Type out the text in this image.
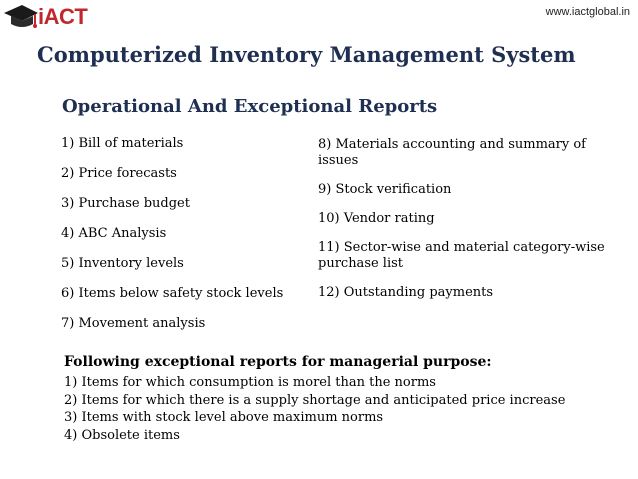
iACT	www.iactglobal.in
Computerized Inventory Management System
Operational And Exceptional Reports
1) Bill of materials
2) Price forecasts
3) Purchase budget
4) ABC Analysis
5) Inventory levels
6) Items below safety stock levels
7) Movement analysis
8) Materials accounting and summary of issues
9) Stock verification
10) Vendor rating
11) Sector-wise and material category-wise purchase list
12) Outstanding payments
Following exceptional reports for managerial purpose:
1) Items for which consumption is morel than the norms
2) Items for which there is a supply shortage and anticipated price increase
3) Items with stock level above maximum norms
4) Obsolete items
